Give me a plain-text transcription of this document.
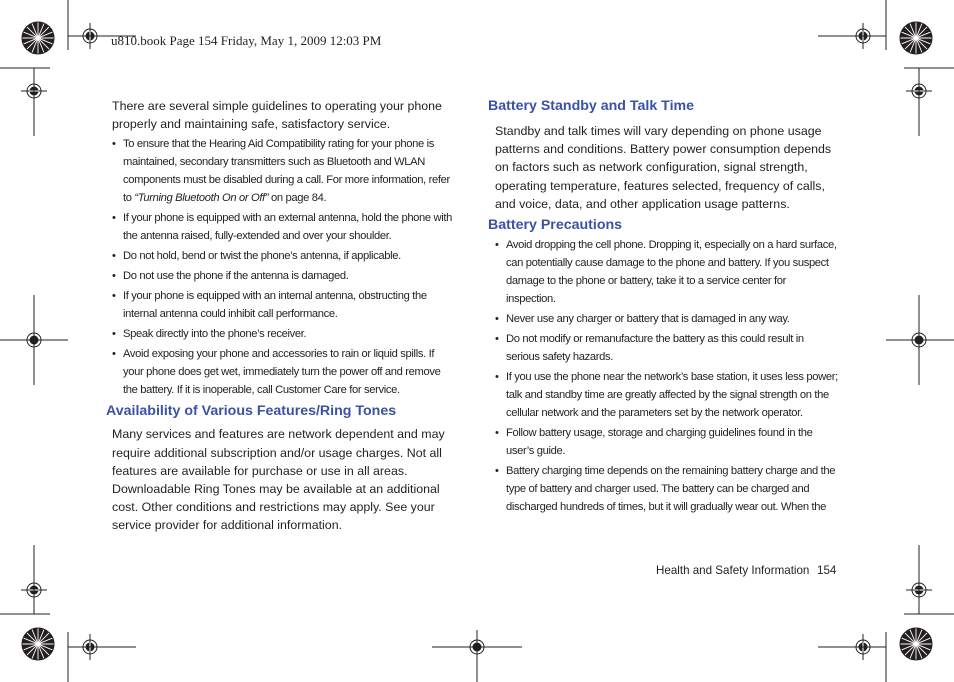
u810.book Page 154 Friday, May 1, 2009 12:03 PM

There are several simple guidelines to operating your phone properly and maintaining safe, satisfactory service.

• To ensure that the Hearing Aid Compatibility rating for your phone is maintained, secondary transmitters such as Bluetooth and WLAN components must be disabled during a call. For more information, refer to “Turning Bluetooth On or Off” on page 84.
• If your phone is equipped with an external antenna, hold the phone with the antenna raised, fully-extended and over your shoulder.
• Do not hold, bend or twist the phone’s antenna, if applicable.
• Do not use the phone if the antenna is damaged.
• If your phone is equipped with an internal antenna, obstructing the internal antenna could inhibit call performance.
• Speak directly into the phone’s receiver.
• Avoid exposing your phone and accessories to rain or liquid spills. If your phone does get wet, immediately turn the power off and remove the battery. If it is inoperable, call Customer Care for service.
Availability of Various Features/Ring Tones

Many services and features are network dependent and may require additional subscription and/or usage charges. Not all features are available for purchase or use in all areas. Downloadable Ring Tones may be available at an additional cost. Other conditions and restrictions may apply. See your service provider for additional information.

Battery Standby and Talk Time

Standby and talk times will vary depending on phone usage patterns and conditions. Battery power consumption depends on factors such as network configuration, signal strength, operating temperature, features selected, frequency of calls, and voice, data, and other application usage patterns.

Battery Precautions
• Avoid dropping the cell phone. Dropping it, especially on a hard surface, can potentially cause damage to the phone and battery. If you suspect damage to the phone or battery, take it to a service center for inspection.
• Never use any charger or battery that is damaged in any way.
• Do not modify or remanufacture the battery as this could result in serious safety hazards.
• If you use the phone near the network’s base station, it uses less power; talk and standby time are greatly affected by the signal strength on the cellular network and the parameters set by the network operator.
• Follow battery usage, storage and charging guidelines found in the user’s guide.
• Battery charging time depends on the remaining battery charge and the type of battery and charger used. The battery can be charged and discharged hundreds of times, but it will gradually wear out. When the
Health and Safety Information 154
